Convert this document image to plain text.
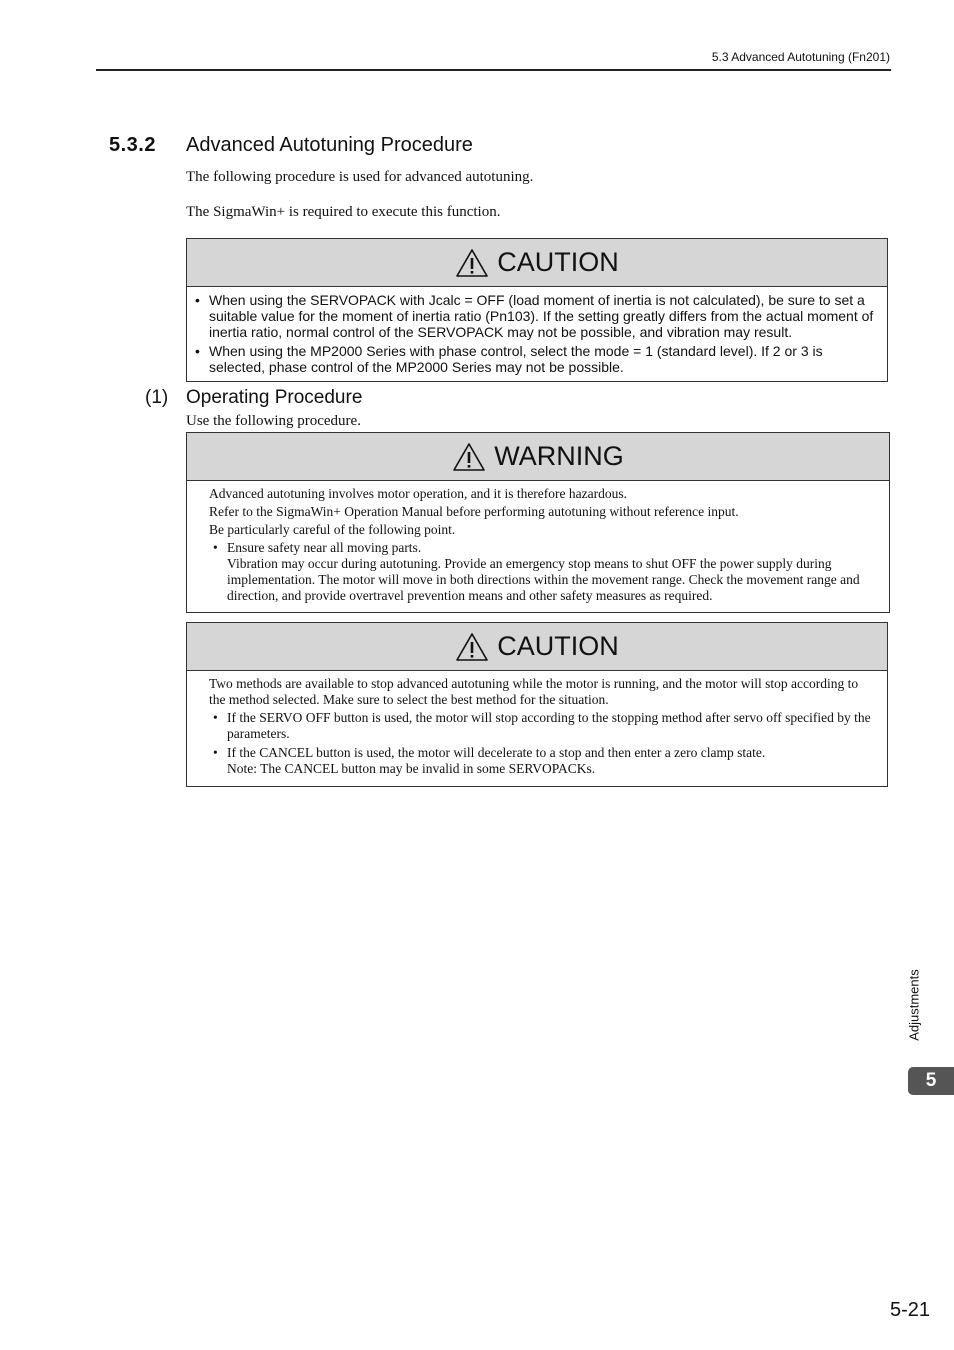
5.3 Advanced Autotuning (Fn201)
5.3.2 Advanced Autotuning Procedure
The following procedure is used for advanced autotuning.
The SigmaWin+ is required to execute this function.
CAUTION
• When using the SERVOPACK with Jcalc = OFF (load moment of inertia is not calculated), be sure to set a suitable value for the moment of inertia ratio (Pn103). If the setting greatly differs from the actual moment of inertia ratio, normal control of the SERVOPACK may not be possible, and vibration may result.
• When using the MP2000 Series with phase control, select the mode = 1 (standard level). If 2 or 3 is selected, phase control of the MP2000 Series may not be possible.
(1) Operating Procedure
Use the following procedure.
WARNING

Advanced autotuning involves motor operation, and it is therefore hazardous.

Refer to the SigmaWin+ Operation Manual before performing autotuning without reference input.

Be particularly careful of the following point.

• Ensure safety near all moving parts.
Vibration may occur during autotuning. Provide an emergency stop means to shut OFF the power supply during implementation. The motor will move in both directions within the movement range. Check the movement range and direction, and provide overtravel prevention means and other safety measures as required.
CAUTION

Two methods are available to stop advanced autotuning while the motor is running, and the motor will stop according to the method selected. Make sure to select the best method for the situation.

• If the SERVO OFF button is used, the motor will stop according to the stopping method after servo off specified by the parameters.
• If the CANCEL button is used, the motor will decelerate to a stop and then enter a zero clamp state.
Note: The CANCEL button may be invalid in some SERVOPACKs.
Adjustments
5
5-21
